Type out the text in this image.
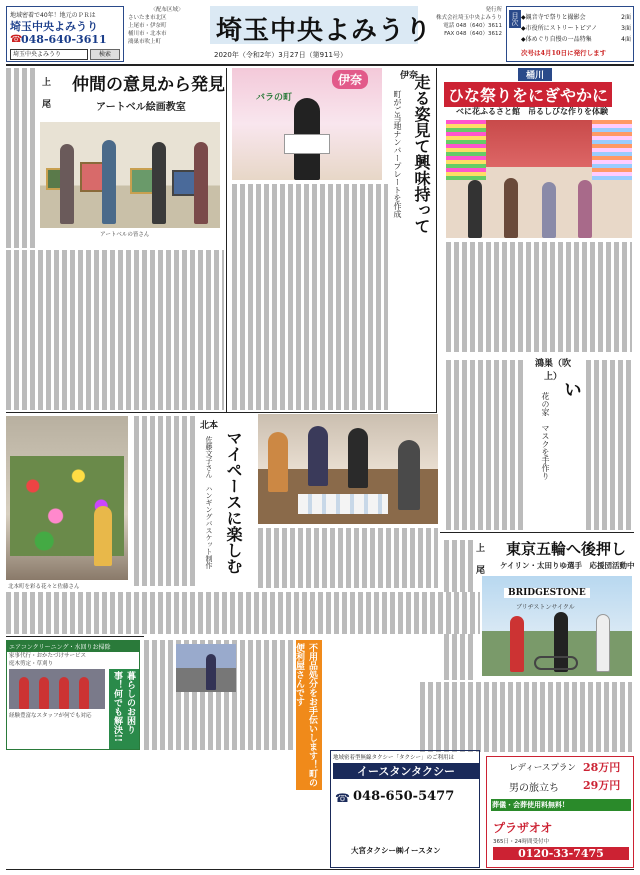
地域密着で40年！地元のＰＲは
埼玉中央よみうり
☎
048-640-3611
埼玉中央よみうり	検索
〈配布区域〉
さいたま市北区
上尾市・伊奈町
桶川市・北本市
鴻巣市吹上町	埼玉中央よみうり
2020年（令和2年）3月27日（第911号）
発行所
株式会社埼玉中央よみうり
電話 048（640）3611
FAX 048（640）3612
目次 ◆観音寺で祭りと撮影会	2面
◆市役所にストリートピアノ	3面
◆体めぐり自慢の一品特集	4面
次号は4月10日に発行します
上尾
仲間の意見から発見
アートベル絵画教室
アートベルの皆さん
伊奈
バラの町	走る姿見て興味持って
町がご当地ナンバープレートを作成
伊奈	桶川
ひな祭りをにぎやかに
べに花ふるさと館　吊るしびな作りを体験
鴻巣（吹上）
い
花の家　マスクを手作り
北本町を彩る花々と佐藤さん
北本
マイペースに楽しむ
佐藤文子さん　ハンギングバスケット制作	上尾
東京五輪へ後押し
ケイリン・太田りゆ選手　応援団活動中
BRIDGESTONE
ブリヂストンサイクル
エアコンクリーニング・水回りお掃除
家事代行・おかたづけサービス
庭木剪定・草刈り
経験豊富なスタッフが何でも対応	暮らしのお困り事！何でも解決!!	不用品処分をお手伝いします！町の便利屋さんです
地域密着型無線タクシー「タクシー」のご利用は
イースタンタクシー
☎ 048-650-5477
大宮タクシー㈱イースタン
レディースプラン 28万円
男の旅立ち 29万円
葬儀・会葬使用料無料!
プラザオオ
365日・24時間受付中
0120-33-7475
